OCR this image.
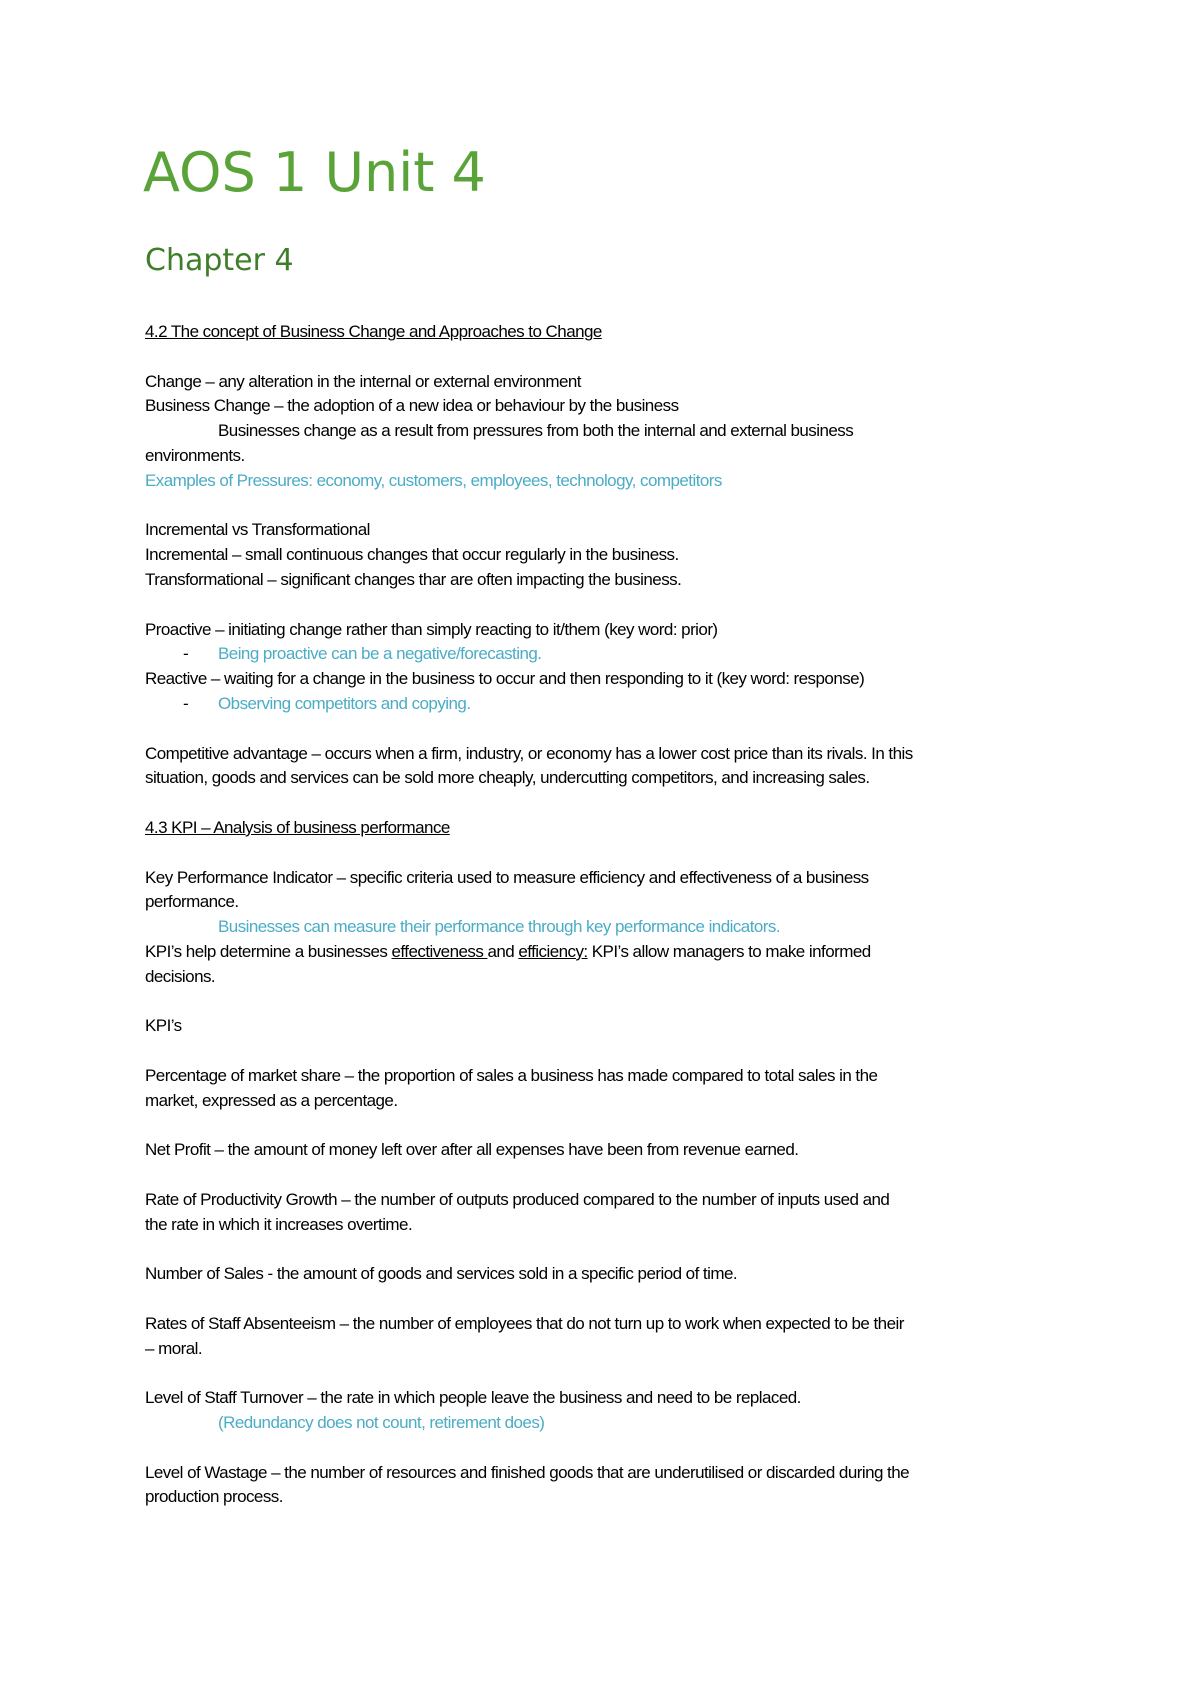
AOS 1 Unit 4
Chapter 4
4.2 The concept of Business Change and Approaches to Change
Change – any alteration in the internal or external environment
Business Change – the adoption of a new idea or behaviour by the business
Businesses change as a result from pressures from both the internal and external business
environments.
Examples of Pressures: economy, customers, employees, technology, competitors
Incremental vs Transformational
Incremental – small continuous changes that occur regularly in the business.
Transformational – significant changes thar are often impacting the business.
Proactive – initiating change rather than simply reacting to it/them (key word: prior)
- Being proactive can be a negative/forecasting.
Reactive – waiting for a change in the business to occur and then responding to it (key word: response)
- Observing competitors and copying.
Competitive advantage – occurs when a firm, industry, or economy has a lower cost price than its rivals. In this
situation, goods and services can be sold more cheaply, undercutting competitors, and increasing sales.
4.3 KPI – Analysis of business performance
Key Performance Indicator – specific criteria used to measure efficiency and effectiveness of a business
performance.
Businesses can measure their performance through key performance indicators.
KPI’s help determine a businesses effectiveness and efficiency: KPI’s allow managers to make informed
decisions.
KPI’s
Percentage of market share – the proportion of sales a business has made compared to total sales in the
market, expressed as a percentage.
Net Profit – the amount of money left over after all expenses have been from revenue earned.
Rate of Productivity Growth – the number of outputs produced compared to the number of inputs used and
the rate in which it increases overtime.
Number of Sales - the amount of goods and services sold in a specific period of time.
Rates of Staff Absenteeism – the number of employees that do not turn up to work when expected to be their
– moral.
Level of Staff Turnover – the rate in which people leave the business and need to be replaced.
(Redundancy does not count, retirement does)
Level of Wastage – the number of resources and finished goods that are underutilised or discarded during the
production process.
